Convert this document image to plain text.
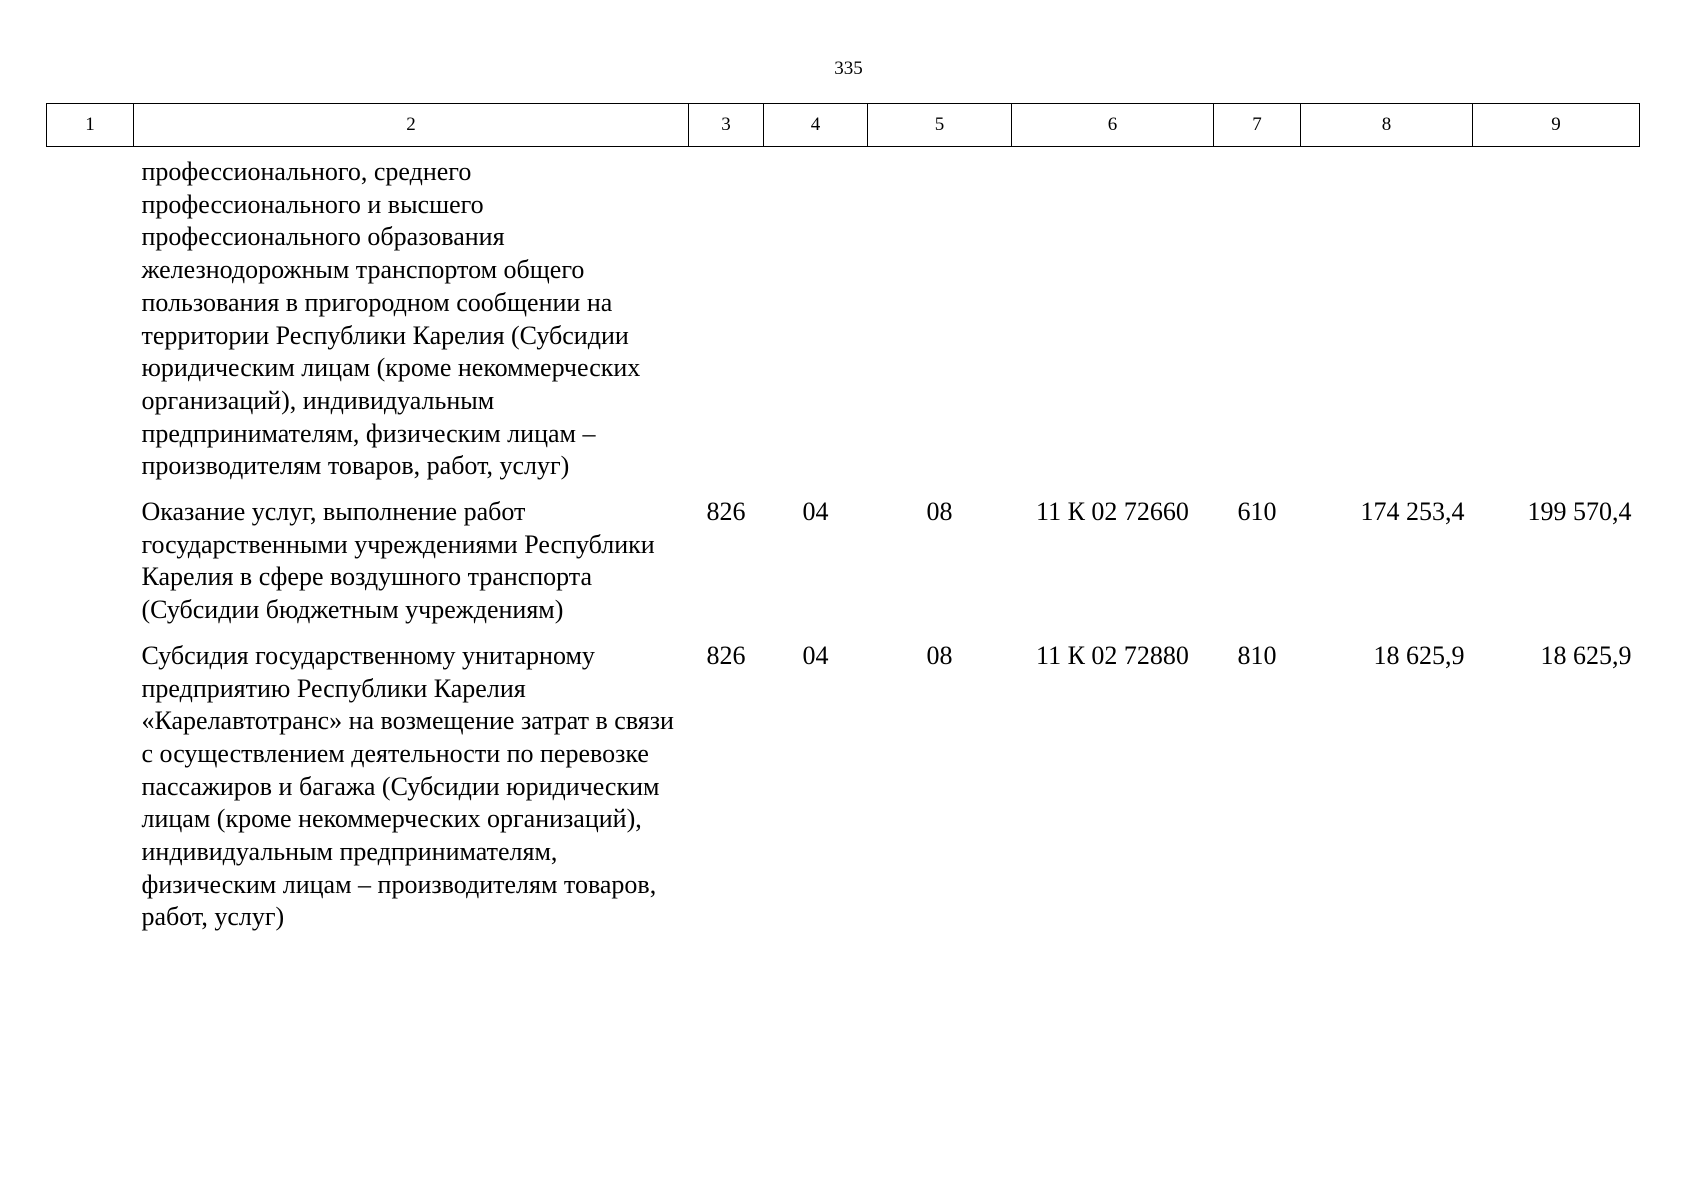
335
1	2	3	4	5	6	7	8	9
	профессионального, среднего профессионального и высшего профессионального образования железнодорожным транспортом общего пользования в пригородном сообщении на территории Республики Карелия (Субсидии юридическим лицам (кроме некоммерческих организаций), индивидуальным предпринимателям, физическим лицам – производителям товаров, работ, услуг)							
	Оказание услуг, выполнение работ государственными учреждениями Республики Карелия в сфере воздушного транспорта (Субсидии бюджетным учреждениям)	826	04	08	11 К 02 72660	610	174 253,4	199 570,4
	Субсидия государственному унитарному предприятию Республики Карелия «Карелавтотранс» на возмещение затрат в связи с осуществлением деятельности по перевозке пассажиров и багажа (Субсидии юридическим лицам (кроме некоммерческих организаций), индивидуальным предпринимателям, физическим лицам – производителям товаров, работ, услуг)	826	04	08	11 К 02 72880	810	18 625,9	18 625,9
